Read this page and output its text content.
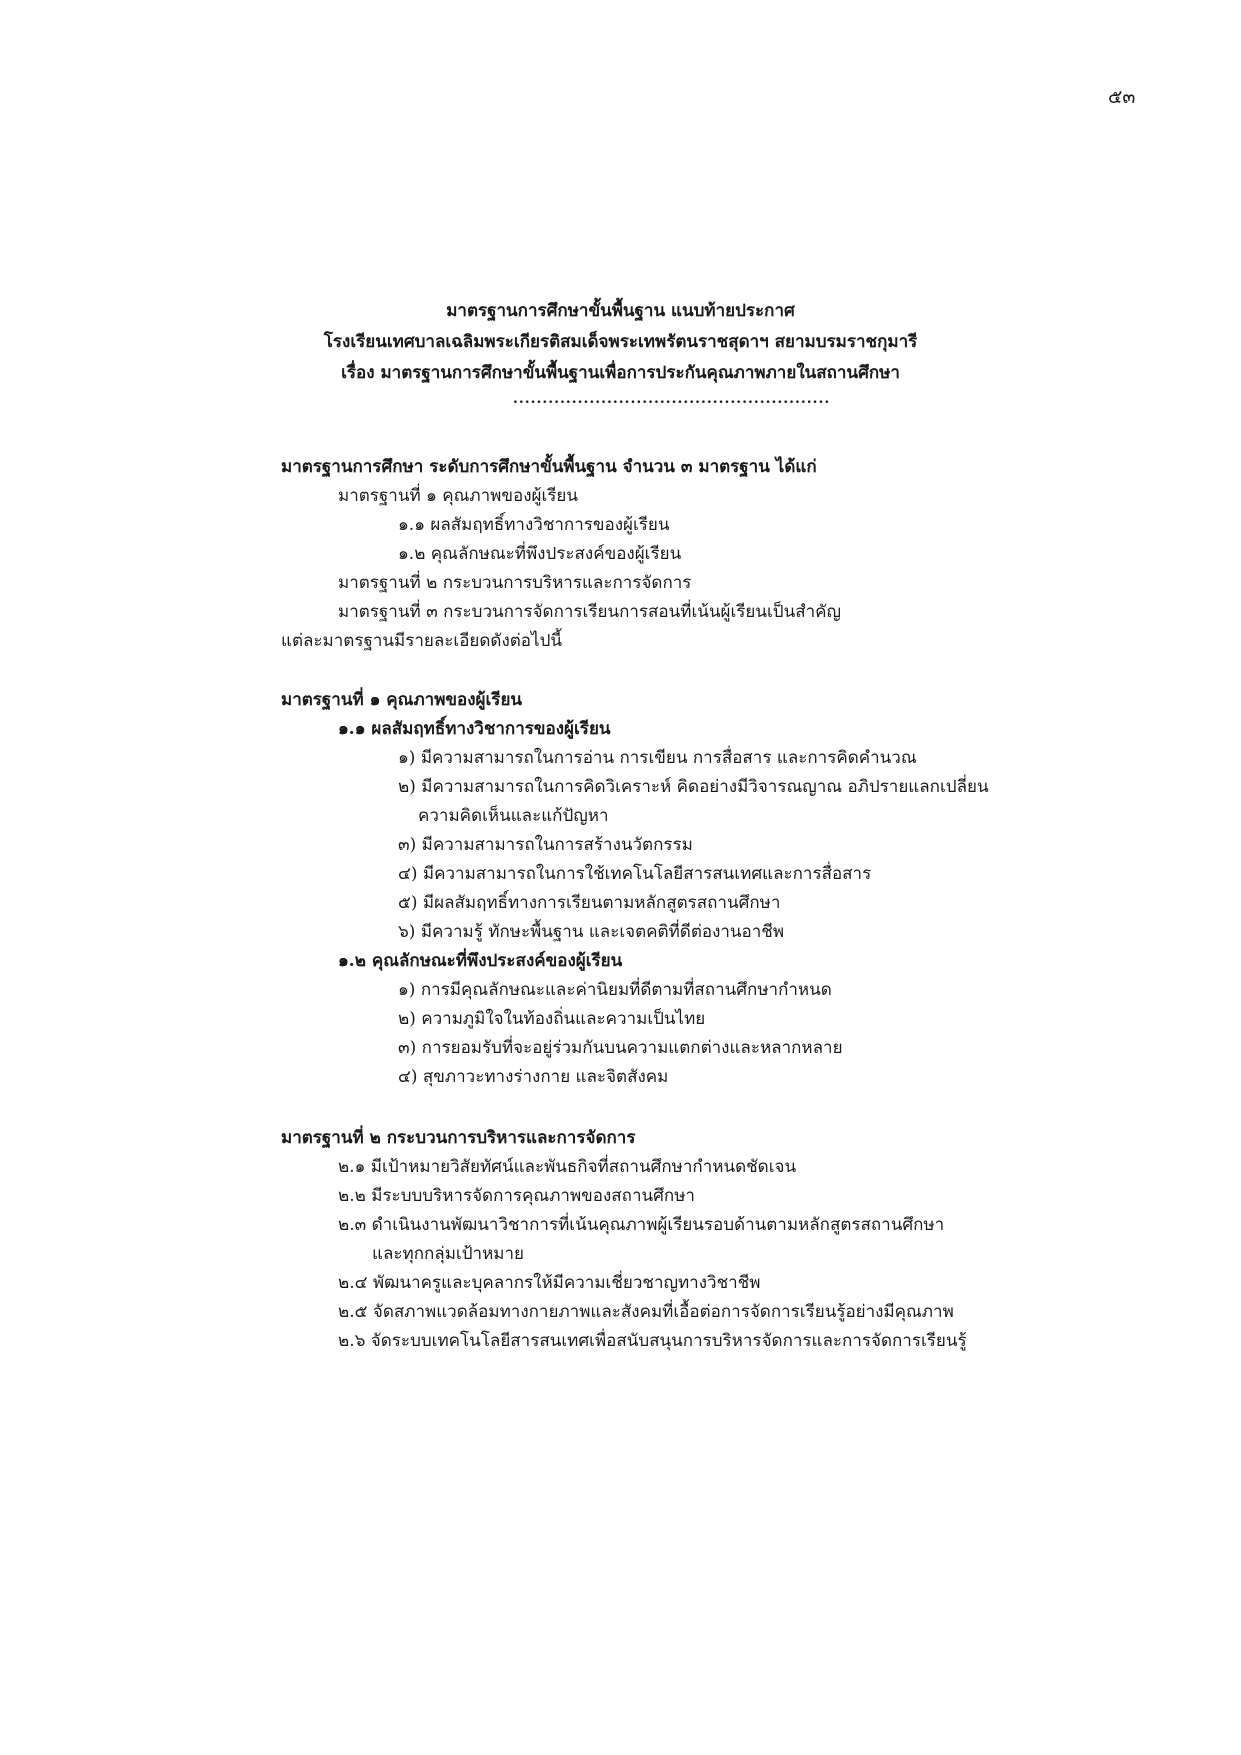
๕๓
มาตรฐานการศึกษาขั้นพื้นฐาน แนบท้ายประกาศ
โรงเรียนเทศบาลเฉลิมพระเกียรติสมเด็จพระเทพรัตนราชสุดาฯ สยามบรมราชกุมารี
เรื่อง มาตรฐานการศึกษาขั้นพื้นฐานเพื่อการประกันคุณภาพภายในสถานศึกษา
......................................................
มาตรฐานการศึกษา ระดับการศึกษาขั้นพื้นฐาน จำนวน ๓ มาตรฐาน ได้แก่
มาตรฐานที่ ๑ คุณภาพของผู้เรียน
๑.๑ ผลสัมฤทธิ์ทางวิชาการของผู้เรียน
๑.๒ คุณลักษณะที่พึงประสงค์ของผู้เรียน
มาตรฐานที่ ๒ กระบวนการบริหารและการจัดการ
มาตรฐานที่ ๓ กระบวนการจัดการเรียนการสอนที่เน้นผู้เรียนเป็นสำคัญ
แต่ละมาตรฐานมีรายละเอียดดังต่อไปนี้
มาตรฐานที่ ๑ คุณภาพของผู้เรียน
๑.๑ ผลสัมฤทธิ์ทางวิชาการของผู้เรียน
๑) มีความสามารถในการอ่าน การเขียน การสื่อสาร และการคิดคำนวณ
๒) มีความสามารถในการคิดวิเคราะห์ คิดอย่างมีวิจารณญาณ อภิปรายแลกเปลี่ยน
ความคิดเห็นและแก้ปัญหา
๓) มีความสามารถในการสร้างนวัตกรรม
๔) มีความสามารถในการใช้เทคโนโลยีสารสนเทศและการสื่อสาร
๕) มีผลสัมฤทธิ์ทางการเรียนตามหลักสูตรสถานศึกษา
๖) มีความรู้ ทักษะพื้นฐาน และเจตคติที่ดีต่องานอาชีพ
๑.๒ คุณลักษณะที่พึงประสงค์ของผู้เรียน
๑) การมีคุณลักษณะและค่านิยมที่ดีตามที่สถานศึกษากำหนด
๒) ความภูมิใจในท้องถิ่นและความเป็นไทย
๓) การยอมรับที่จะอยู่ร่วมกันบนความแตกต่างและหลากหลาย
๔) สุขภาวะทางร่างกาย และจิตสังคม
มาตรฐานที่ ๒ กระบวนการบริหารและการจัดการ
๒.๑ มีเป้าหมายวิสัยทัศน์และพันธกิจที่สถานศึกษากำหนดชัดเจน
๒.๒ มีระบบบริหารจัดการคุณภาพของสถานศึกษา
๒.๓ ดำเนินงานพัฒนาวิชาการที่เน้นคุณภาพผู้เรียนรอบด้านตามหลักสูตรสถานศึกษา
และทุกกลุ่มเป้าหมาย
๒.๔ พัฒนาครูและบุคลากรให้มีความเชี่ยวชาญทางวิชาชีพ
๒.๕ จัดสภาพแวดล้อมทางกายภาพและสังคมที่เอื้อต่อการจัดการเรียนรู้อย่างมีคุณภาพ
๒.๖ จัดระบบเทคโนโลยีสารสนเทศเพื่อสนับสนุนการบริหารจัดการและการจัดการเรียนรู้
